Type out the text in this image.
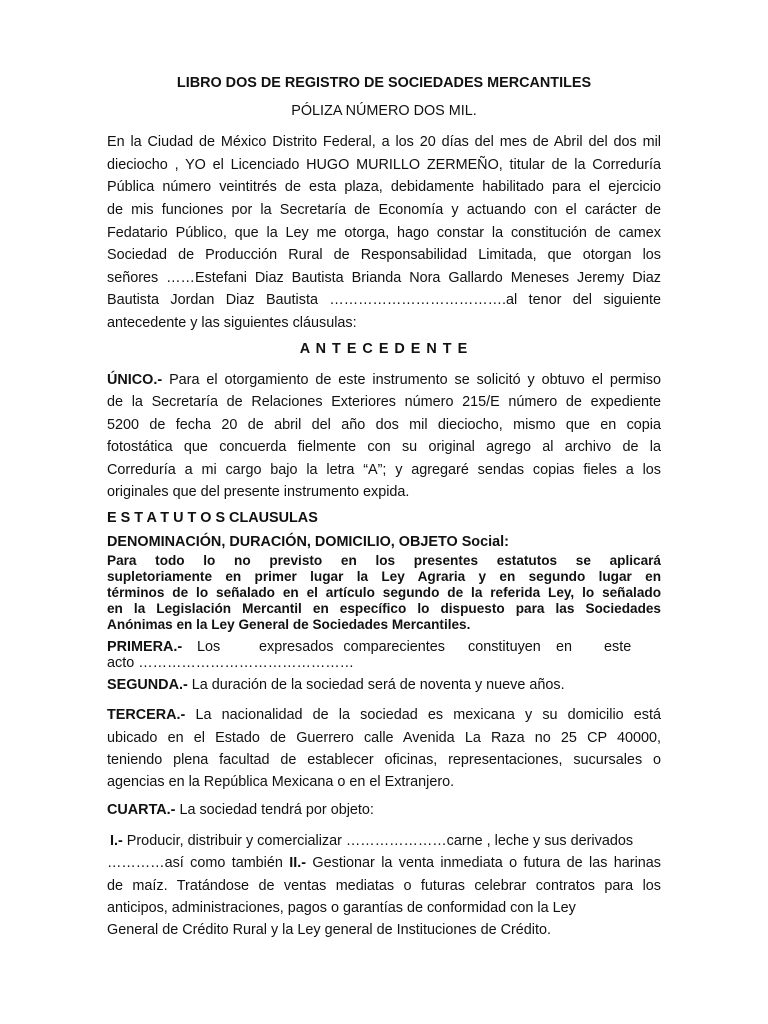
LIBRO DOS DE REGISTRO DE SOCIEDADES MERCANTILES
PÓLIZA NÚMERO DOS MIL.
En la Ciudad de México Distrito Federal, a los 20 días del mes de Abril del dos mil
dieciocho , YO el Licenciado HUGO MURILLO ZERMEÑO, titular de la Correduría
Pública número veintitrés de esta plaza, debidamente habilitado para el ejercicio
de mis funciones por la Secretaría de Economía y actuando con el carácter de
Fedatario Público, que la Ley me otorga, hago constar la constitución de camex
Sociedad de Producción Rural de Responsabilidad Limitada, que otorgan los
señores ……Estefani Diaz Bautista Brianda Nora Gallardo Meneses Jeremy Diaz
Bautista Jordan Diaz Bautista ……………………………….al tenor del siguiente
antecedente y las siguientes cláusulas:
A N T E C E D E N T E
ÚNICO.- Para el otorgamiento de este instrumento se solicitó y obtuvo el permiso
de la Secretaría de Relaciones Exteriores número 215/E número de expediente
5200 de fecha 20 de abril del año dos mil dieciocho, mismo que en copia
fotostática que concuerda fielmente con su original agrego al archivo de la
Correduría a mi cargo bajo la letra “A”; y agregaré sendas copias fieles a los
originales que del presente instrumento expida.
E S T A T U T O S CLAUSULAS
DENOMINACIÓN, DURACIÓN, DOMICILIO, OBJETO Social:
Para todo lo no previsto en los presentes estatutos se aplicará
supletoriamente en primer lugar la Ley Agraria y en segundo lugar en
términos de lo señalado en el artículo segundo de la referida Ley, lo señalado
en la Legislación Mercantil en específico lo dispuesto para las Sociedades
Anónimas en la Ley General de Sociedades Mercantiles.
PRIMERA.- Los	expresados comparecientes constituyen en este
acto ………………………………………
SEGUNDA.- La duración de la sociedad será de noventa y nueve años.
TERCERA.- La nacionalidad de la sociedad es mexicana y su domicilio está
ubicado en el Estado de Guerrero calle Avenida La Raza no 25 CP 40000,
teniendo plena facultad de establecer oficinas, representaciones, sucursales o
agencias en la República Mexicana o en el Extranjero.
CUARTA.- La sociedad tendrá por objeto:
I.- Producir, distribuir y comercializar …………………carne , leche y sus derivados
…………así como también II.- Gestionar la venta inmediata o futura de las harinas
de maíz. Tratándose de ventas mediatas o futuras celebrar contratos para los
anticipos, administraciones, pagos o garantías de conformidad con la Ley
General de Crédito Rural y la Ley general de Instituciones de Crédito.
